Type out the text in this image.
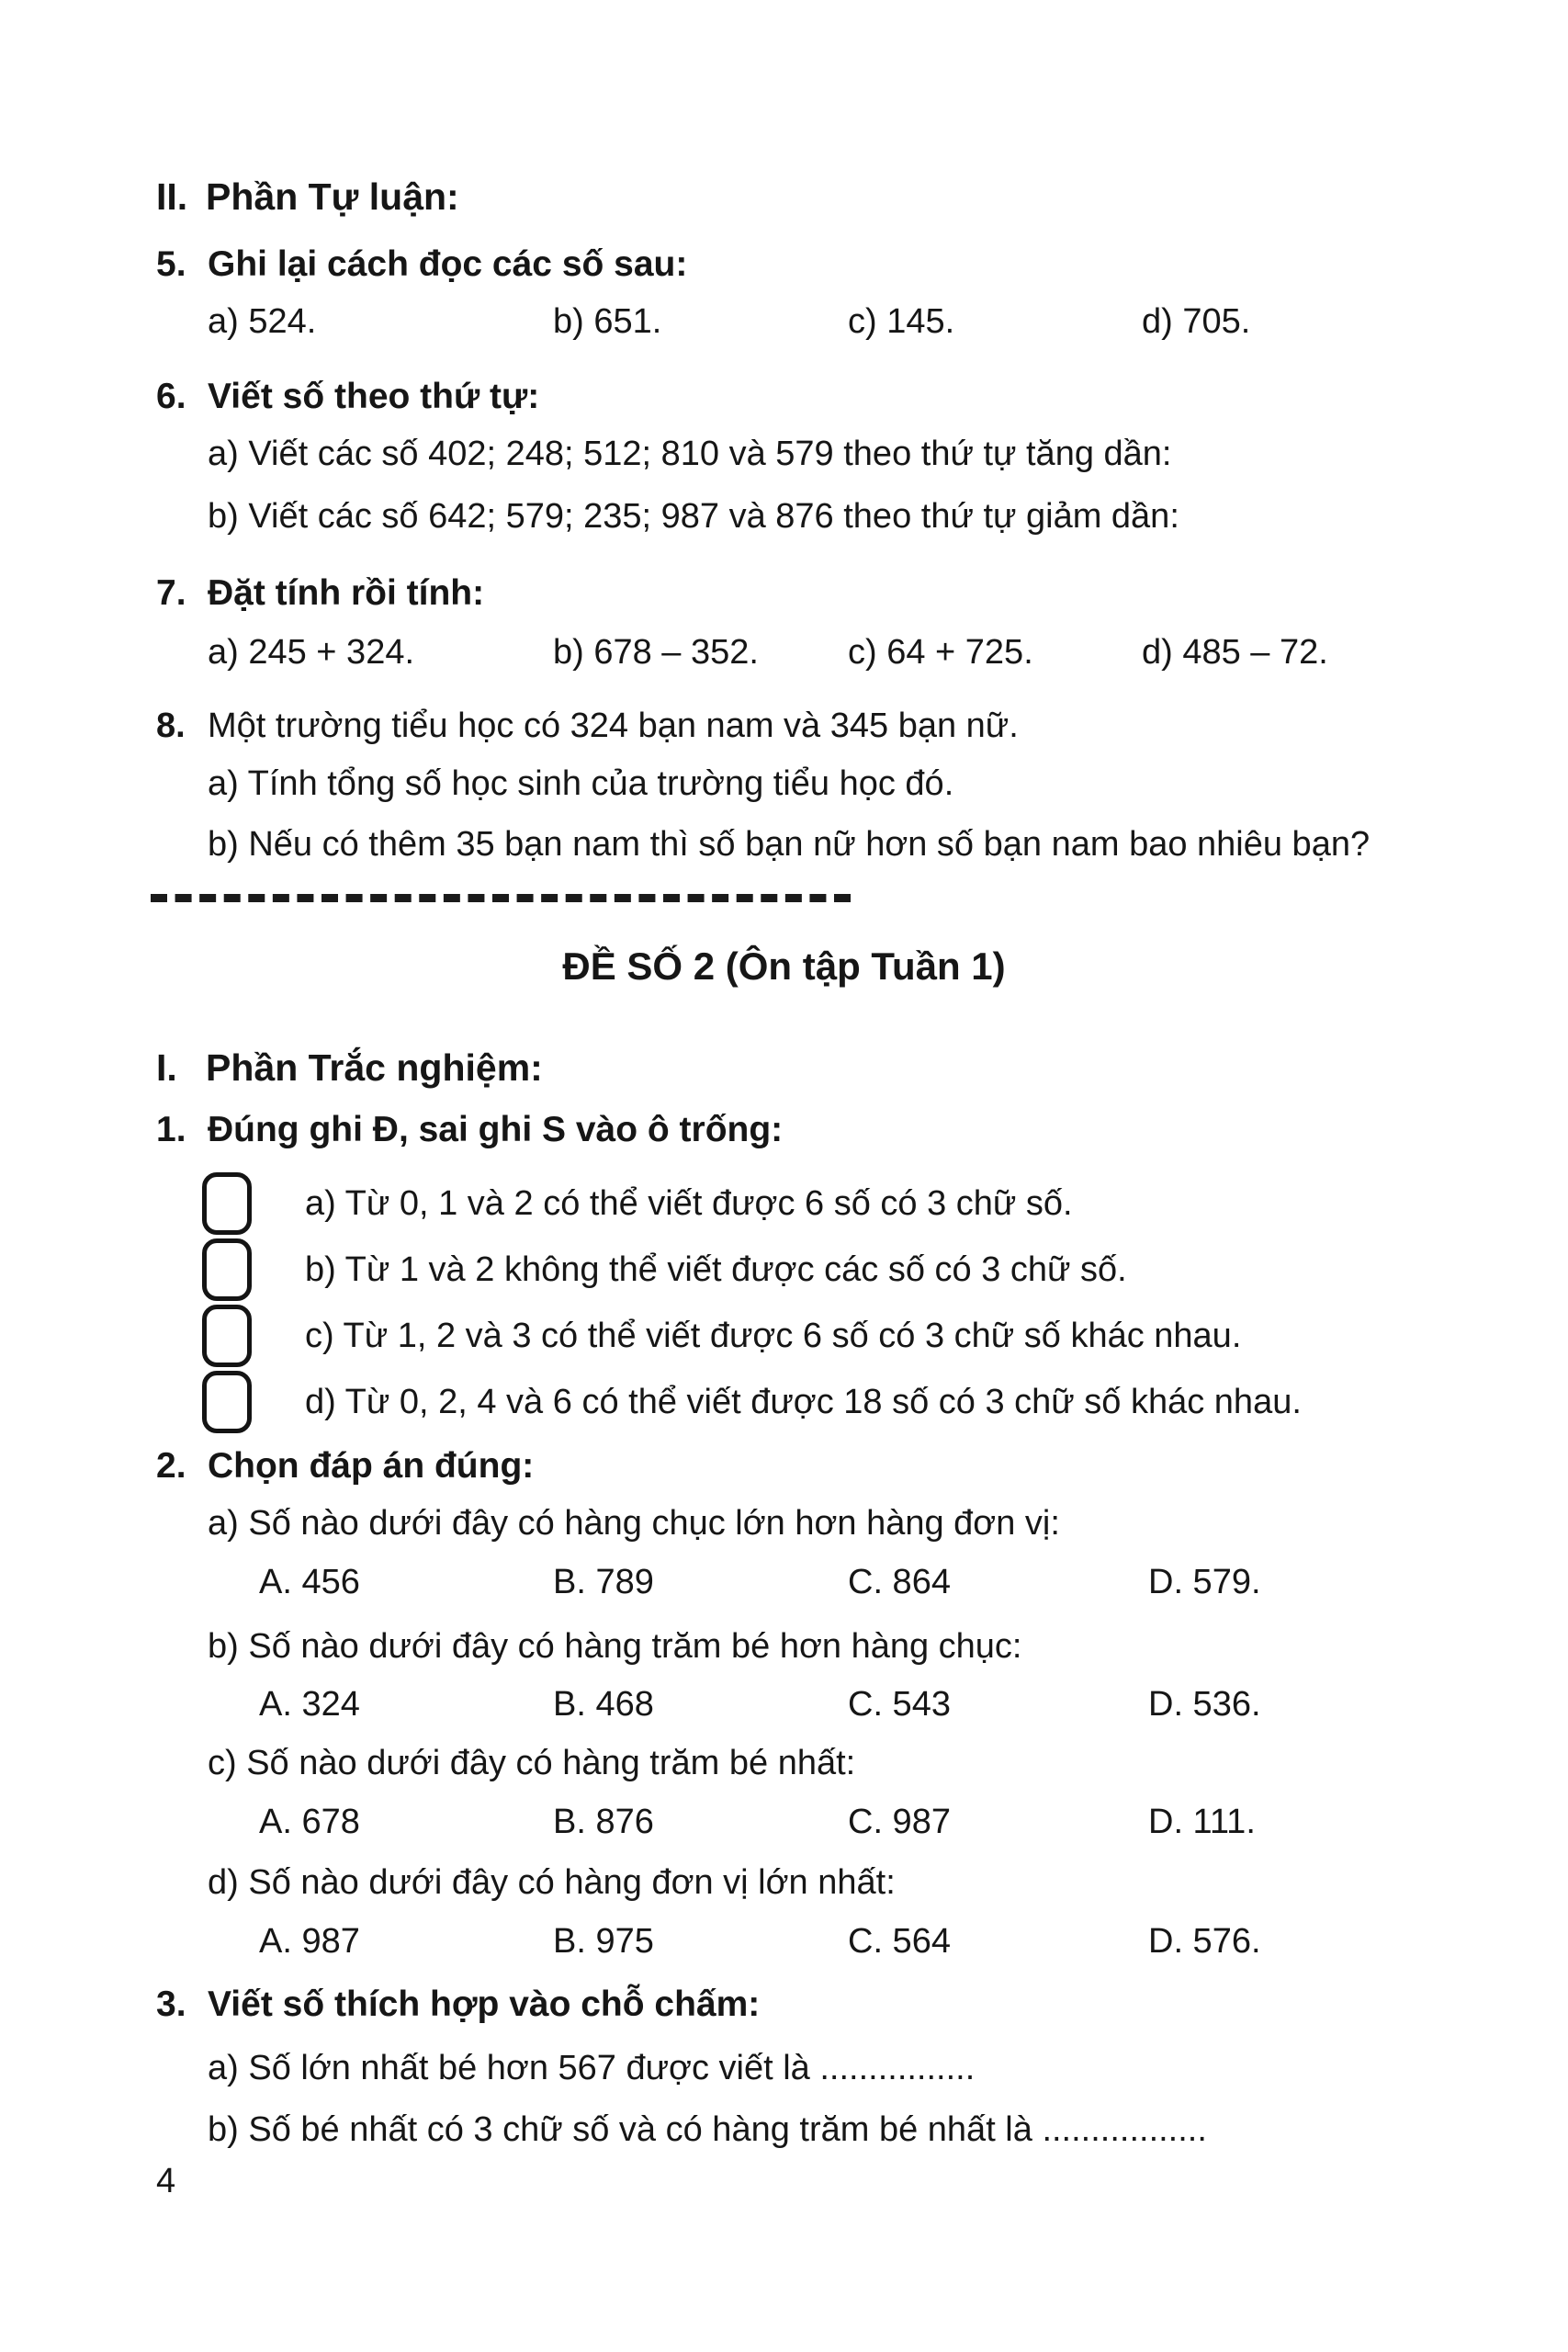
II. Phần Tự luận:
5. Ghi lại cách đọc các số sau:
a) 524.	b) 651.	c) 145.	d) 705.
6. Viết số theo thứ tự:
a) Viết các số 402; 248; 512; 810 và 579 theo thứ tự tăng dần:
b) Viết các số 642; 579; 235; 987 và 876 theo thứ tự giảm dần:
7. Đặt tính rồi tính:
a) 245 + 324.	b) 678 – 352.	c) 64 + 725.	d) 485 – 72.
8. Một trường tiểu học có 324 bạn nam và 345 bạn nữ.
a) Tính tổng số học sinh của trường tiểu học đó.
b) Nếu có thêm 35 bạn nam thì số bạn nữ hơn số bạn nam bao nhiêu bạn?
ĐỀ SỐ 2 (Ôn tập Tuần 1)
I. Phần Trắc nghiệm:
1. Đúng ghi Đ, sai ghi S vào ô trống:
a) Từ 0, 1 và 2 có thể viết được 6 số có 3 chữ số.
b) Từ 1 và 2 không thể viết được các số có 3 chữ số.
c) Từ 1, 2 và 3 có thể viết được 6 số có 3 chữ số khác nhau.
d) Từ 0, 2, 4 và 6 có thể viết được 18 số có 3 chữ số khác nhau.
2. Chọn đáp án đúng:
a) Số nào dưới đây có hàng chục lớn hơn hàng đơn vị:
A. 456	B. 789	C. 864	D. 579.
b) Số nào dưới đây có hàng trăm bé hơn hàng chục:
A. 324	B. 468	C. 543	D. 536.
c) Số nào dưới đây có hàng trăm bé nhất:
A. 678	B. 876	C. 987	D. 111.
d) Số nào dưới đây có hàng đơn vị lớn nhất:
A. 987	B. 975	C. 564	D. 576.
3. Viết số thích hợp vào chỗ chấm:
a) Số lớn nhất bé hơn 567 được viết là ................
b) Số bé nhất có 3 chữ số và có hàng trăm bé nhất là .................
4
